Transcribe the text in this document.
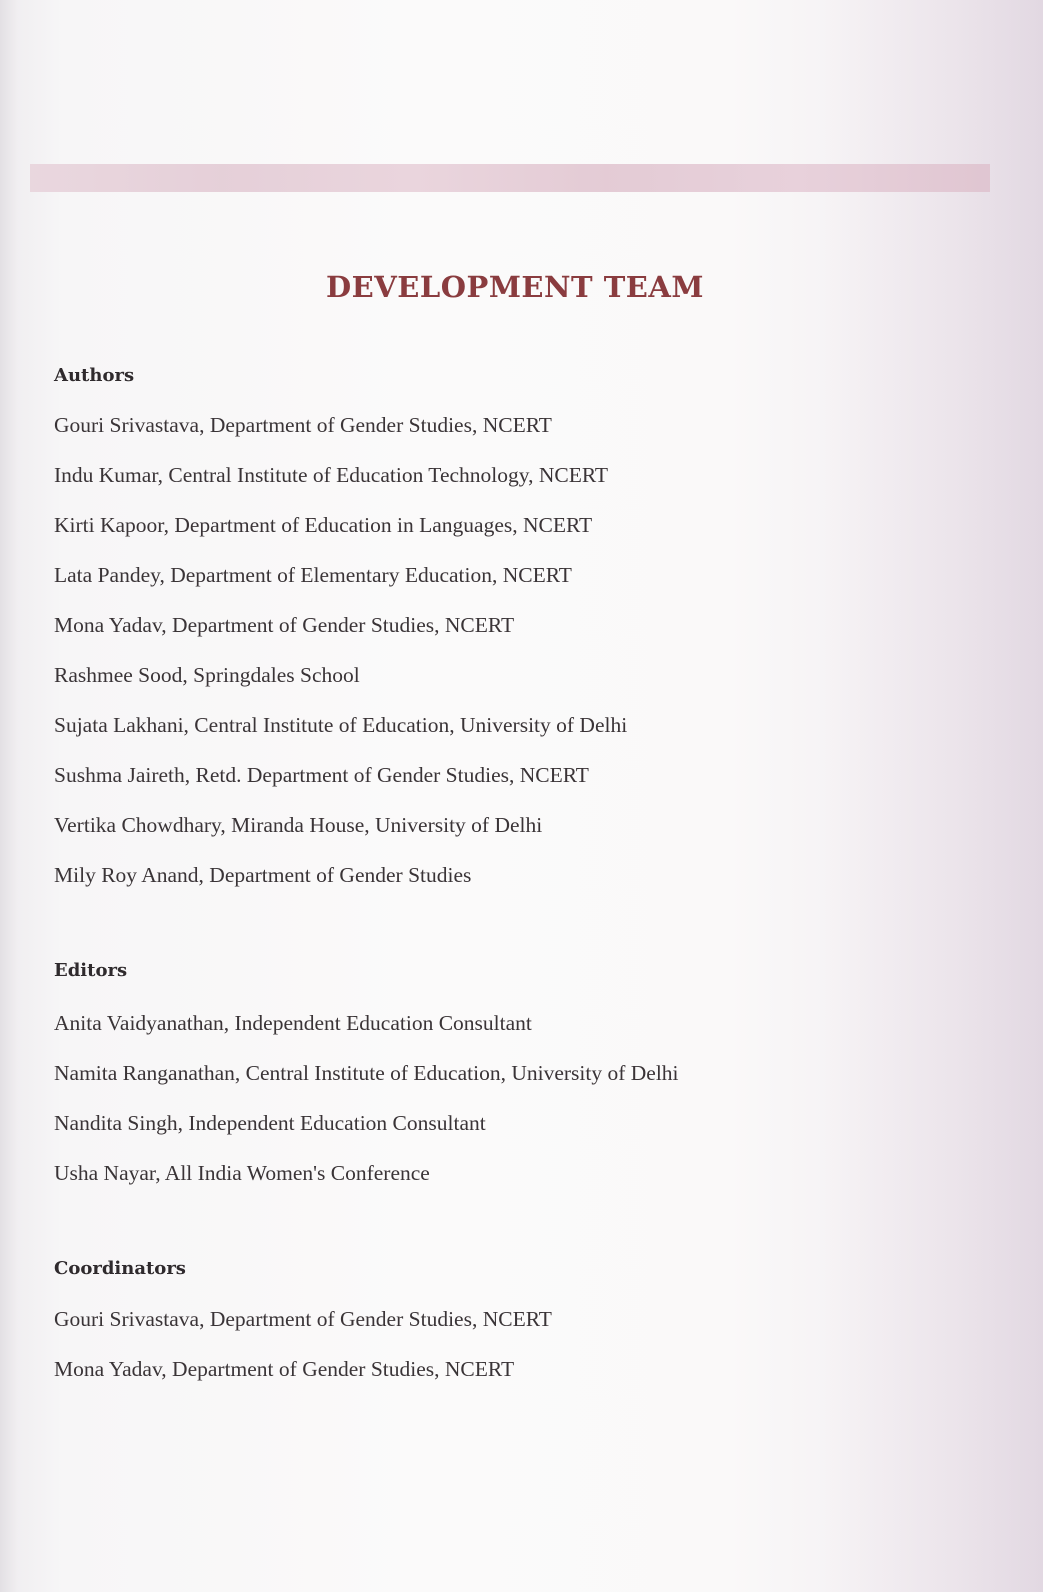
DEVELOPMENT TEAM
Authors
Gouri Srivastava, Department of Gender Studies, NCERT
Indu Kumar, Central Institute of Education Technology, NCERT
Kirti Kapoor, Department of Education in Languages, NCERT
Lata Pandey, Department of Elementary Education, NCERT
Mona Yadav, Department of Gender Studies, NCERT
Rashmee Sood, Springdales School
Sujata Lakhani, Central Institute of Education, University of Delhi
Sushma Jaireth, Retd. Department of Gender Studies, NCERT
Vertika Chowdhary, Miranda House, University of Delhi
Mily Roy Anand, Department of Gender Studies
Editors
Anita Vaidyanathan, Independent Education Consultant
Namita Ranganathan, Central Institute of Education, University of Delhi
Nandita Singh, Independent Education Consultant
Usha Nayar, All India Women's Conference
Coordinators
Gouri Srivastava, Department of Gender Studies, NCERT
Mona Yadav, Department of Gender Studies, NCERT
